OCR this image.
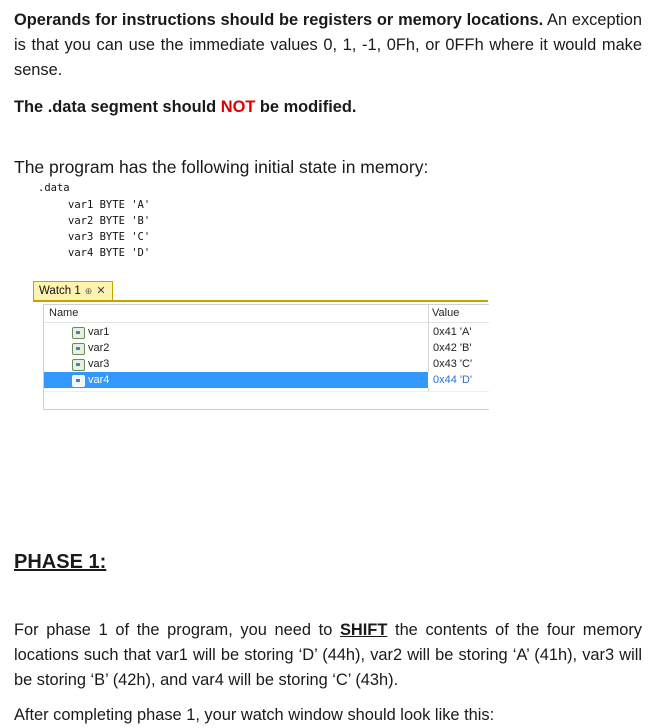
Operands for instructions should be registers or memory locations. An exception is that you can use the immediate values 0, 1, -1, 0Fh, or 0FFh where it would make sense.
The .data segment should NOT be modified.
The program has the following initial state in memory:
.data
var1 BYTE 'A'
var2 BYTE 'B'
var3 BYTE 'C'
var4 BYTE 'D'
Watch 1 ⊕ ✕
Name	Value
var1	0x41 'A'
var2	0x42 'B'
var3	0x43 'C'
var4	0x44 'D'
PHASE 1:
For phase 1 of the program, you need to SHIFT the contents of the four memory locations such that var1 will be storing ‘D’ (44h), var2 will be storing ‘A’ (41h), var3 will be storing ‘B’ (42h), and var4 will be storing ‘C’ (43h).
After completing phase 1, your watch window should look like this:
